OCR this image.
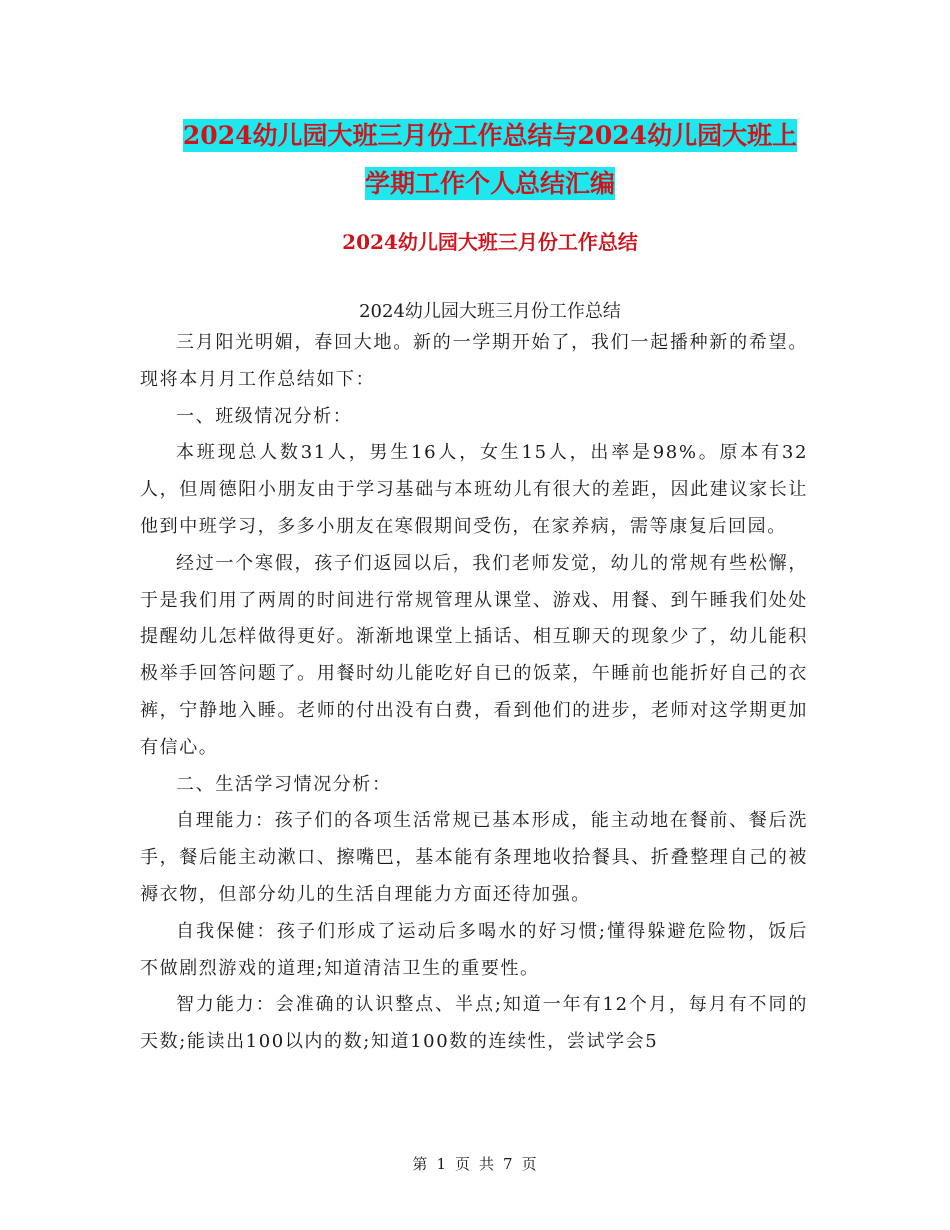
2024幼儿园大班三月份工作总结与2024幼儿园大班上
学期工作个人总结汇编
2024幼儿园大班三月份工作总结
2024幼儿园大班三月份工作总结

三月阳光明媚，春回大地。新的一学期开始了，我们一起播种新的希望。现将本月月工作总结如下：

一、班级情况分析：

本班现总人数31人，男生16人，女生15人，出率是98%。原本有32人，但周德阳小朋友由于学习基础与本班幼儿有很大的差距，因此建议家长让他到中班学习，多多小朋友在寒假期间受伤，在家养病，需等康复后回园。

经过一个寒假，孩子们返园以后，我们老师发觉，幼儿的常规有些松懈，于是我们用了两周的时间进行常规管理从课堂、游戏、用餐、到午睡我们处处提醒幼儿怎样做得更好。渐渐地课堂上插话、相互聊天的现象少了，幼儿能积极举手回答问题了。用餐时幼儿能吃好自已的饭菜，午睡前也能折好自己的衣裤，宁静地入睡。老师的付出没有白费，看到他们的进步，老师对这学期更加有信心。

二、生活学习情况分析：

自理能力：孩子们的各项生活常规已基本形成，能主动地在餐前、餐后洗手，餐后能主动漱口、擦嘴巴，基本能有条理地收拾餐具、折叠整理自己的被褥衣物，但部分幼儿的生活自理能力方面还待加强。

自我保健：孩子们形成了运动后多喝水的好习惯;懂得躲避危险物，饭后不做剧烈游戏的道理;知道清洁卫生的重要性。

智力能力：会准确的认识整点、半点;知道一年有12个月，每月有不同的天数;能读出100以内的数;知道100数的连续性，尝试学会5

第 1 页 共 7 页
